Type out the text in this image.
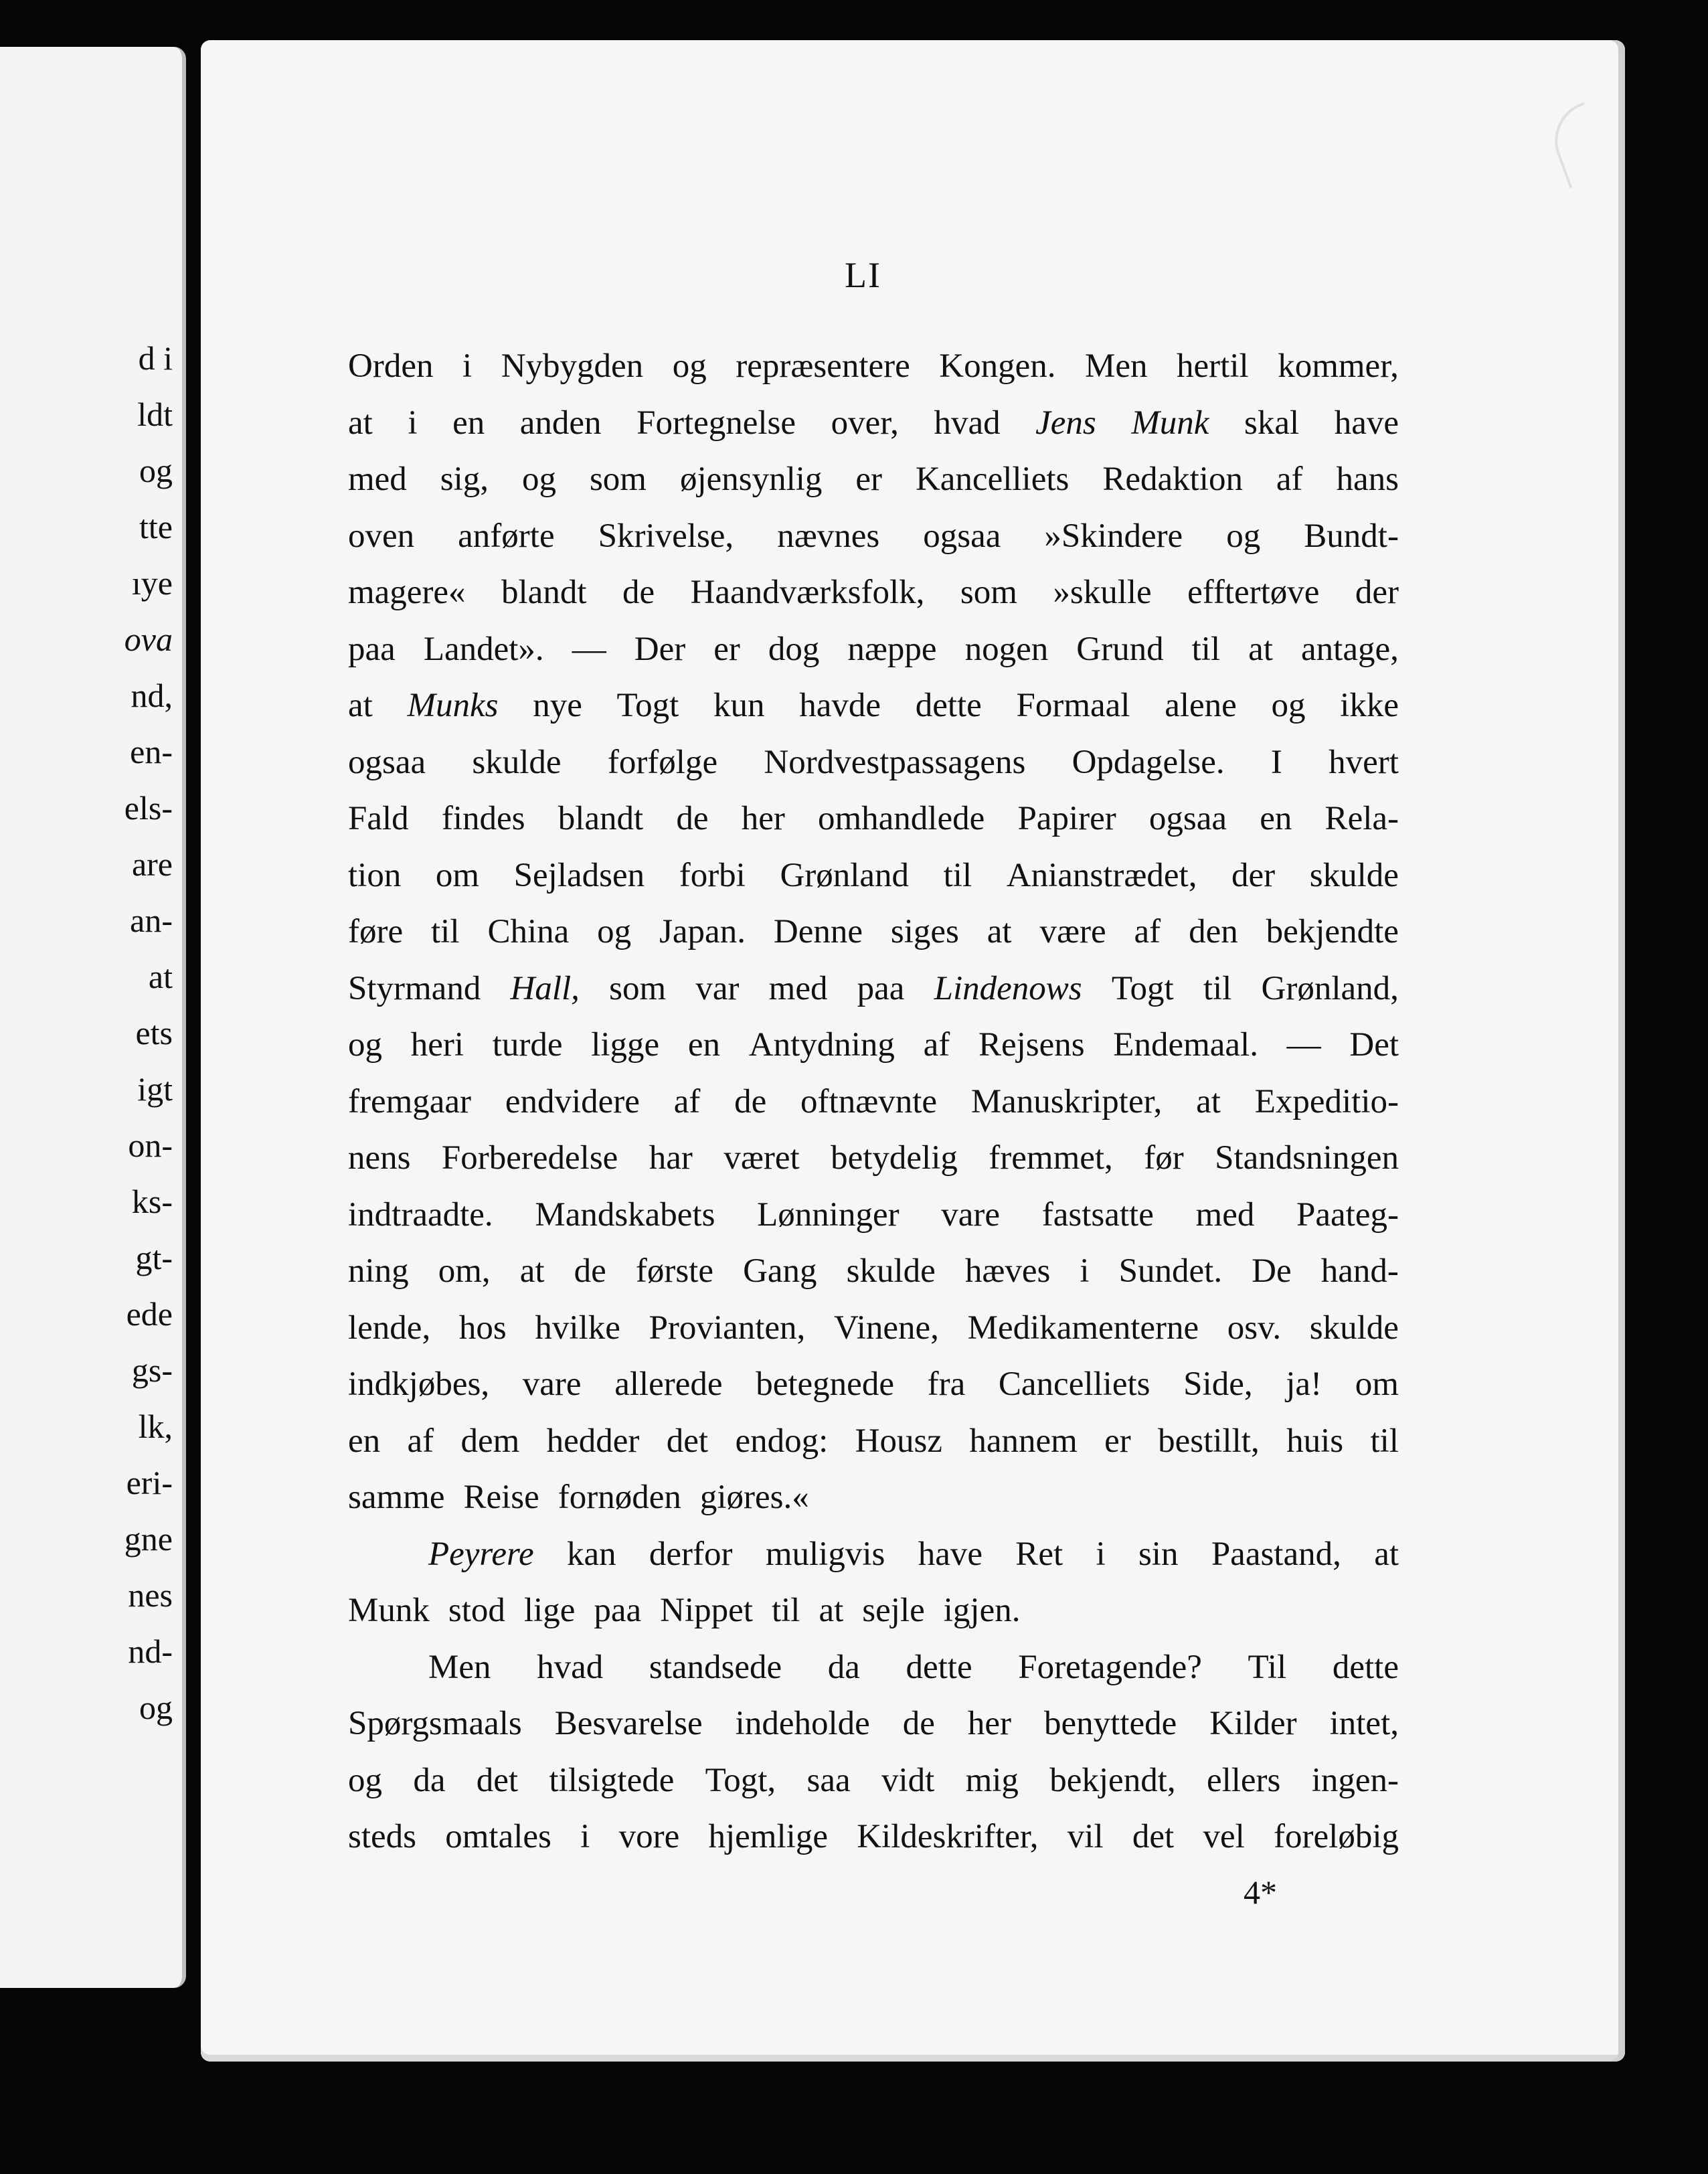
d i
ldt
og
tte
ıye
ova
nd,
en-
els-
are
an-
at
ets
igt
on-
ks-
gt-
ede
gs-
lk,
eri-
gne
nes
nd-
og
LI
Orden i Nybygden og repræsentere Kongen. Men hertil kommer,
at i en anden Fortegnelse over, hvad Jens Munk skal have
med sig, og som øjensynlig er Kancelliets Redaktion af hans
oven anførte Skrivelse, nævnes ogsaa »Skindere og Bundt-
magere« blandt de Haandværksfolk, som »skulle efftertøve der
paa Landet». — Der er dog næppe nogen Grund til at antage,
at Munks nye Togt kun havde dette Formaal alene og ikke
ogsaa skulde forfølge Nordvestpassagens Opdagelse. I hvert
Fald findes blandt de her omhandlede Papirer ogsaa en Rela-
tion om Sejladsen forbi Grønland til Anianstrædet, der skulde
føre til China og Japan. Denne siges at være af den bekjendte
Styrmand Hall, som var med paa Lindenows Togt til Grønland,
og heri turde ligge en Antydning af Rejsens Endemaal. — Det
fremgaar endvidere af de oftnævnte Manuskripter, at Expeditio-
nens Forberedelse har været betydelig fremmet, før Standsningen
indtraadte. Mandskabets Lønninger vare fastsatte med Paateg-
ning om, at de første Gang skulde hæves i Sundet. De hand-
lende, hos hvilke Provianten, Vinene, Medikamenterne osv. skulde
indkjøbes, vare allerede betegnede fra Cancelliets Side, ja! om
en af dem hedder det endog: Housz hannem er bestillt, huis til
samme Reise fornøden giøres.«
Peyrere kan derfor muligvis have Ret i sin Paastand, at
Munk stod lige paa Nippet til at sejle igjen.
Men hvad standsede da dette Foretagende? Til dette
Spørgsmaals Besvarelse indeholde de her benyttede Kilder intet,
og da det tilsigtede Togt, saa vidt mig bekjendt, ellers ingen-
steds omtales i vore hjemlige Kildeskrifter, vil det vel foreløbig
4*
